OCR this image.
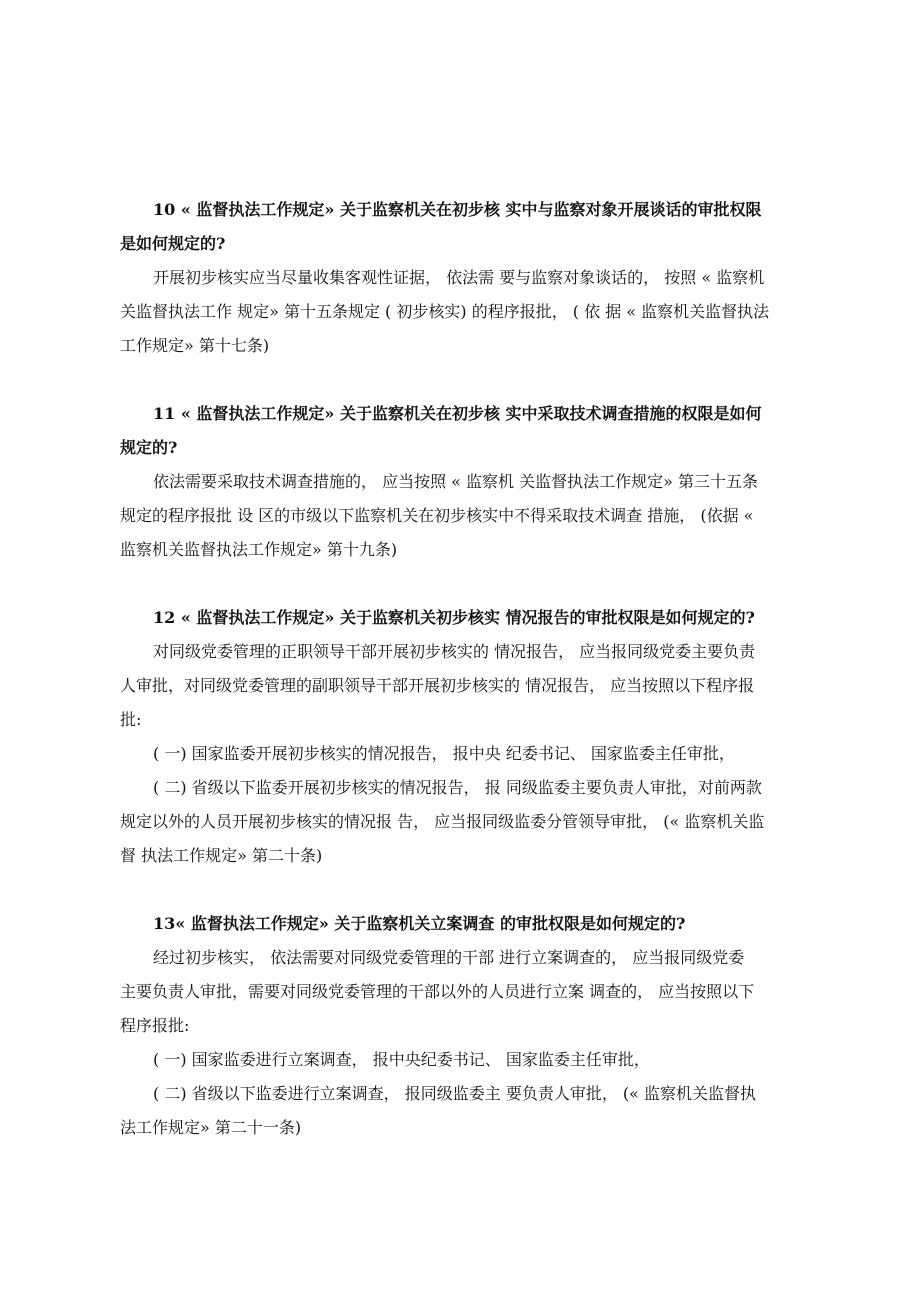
10 « 监督执法工作规定» 关于监察机关在初步核 实中与监察对象开展谈话的审批权限
是如何规定的?
开展初步核实应当尽量收集客观性证据， 依法需 要与监察对象谈话的， 按照 « 监察机
关监督执法工作 规定» 第十五条规定 ( 初步核实) 的程序报批， ( 依 据 « 监察机关监督执法
工作规定» 第十七条)
11 « 监督执法工作规定» 关于监察机关在初步核 实中采取技术调查措施的权限是如何
规定的?
依法需要采取技术调查措施的， 应当按照 « 监察机 关监督执法工作规定» 第三十五条
规定的程序报批 设 区的市级以下监察机关在初步核实中不得采取技术调查 措施， (依据 «
监察机关监督执法工作规定» 第十九条)
12 « 监督执法工作规定» 关于监察机关初步核实 情况报告的审批权限是如何规定的?
对同级党委管理的正职领导干部开展初步核实的 情况报告， 应当报同级党委主要负责
人审批，对同级党委管理的副职领导干部开展初步核实的 情况报告， 应当按照以下程序报
批:
( 一) 国家监委开展初步核实的情况报告， 报中央 纪委书记、 国家监委主任审批，
( 二) 省级以下监委开展初步核实的情况报告， 报 同级监委主要负责人审批，对前两款
规定以外的人员开展初步核实的情况报 告， 应当报同级监委分管领导审批， (« 监察机关监
督 执法工作规定» 第二十条)
13« 监督执法工作规定» 关于监察机关立案调查 的审批权限是如何规定的?
经过初步核实， 依法需要对同级党委管理的干部 进行立案调查的， 应当报同级党委
主要负责人审批，需要对同级党委管理的干部以外的人员进行立案 调查的， 应当按照以下
程序报批:
( 一) 国家监委进行立案调查， 报中央纪委书记、 国家监委主任审批，
( 二) 省级以下监委进行立案调查， 报同级监委主 要负责人审批， (« 监察机关监督执
法工作规定» 第二十一条)
